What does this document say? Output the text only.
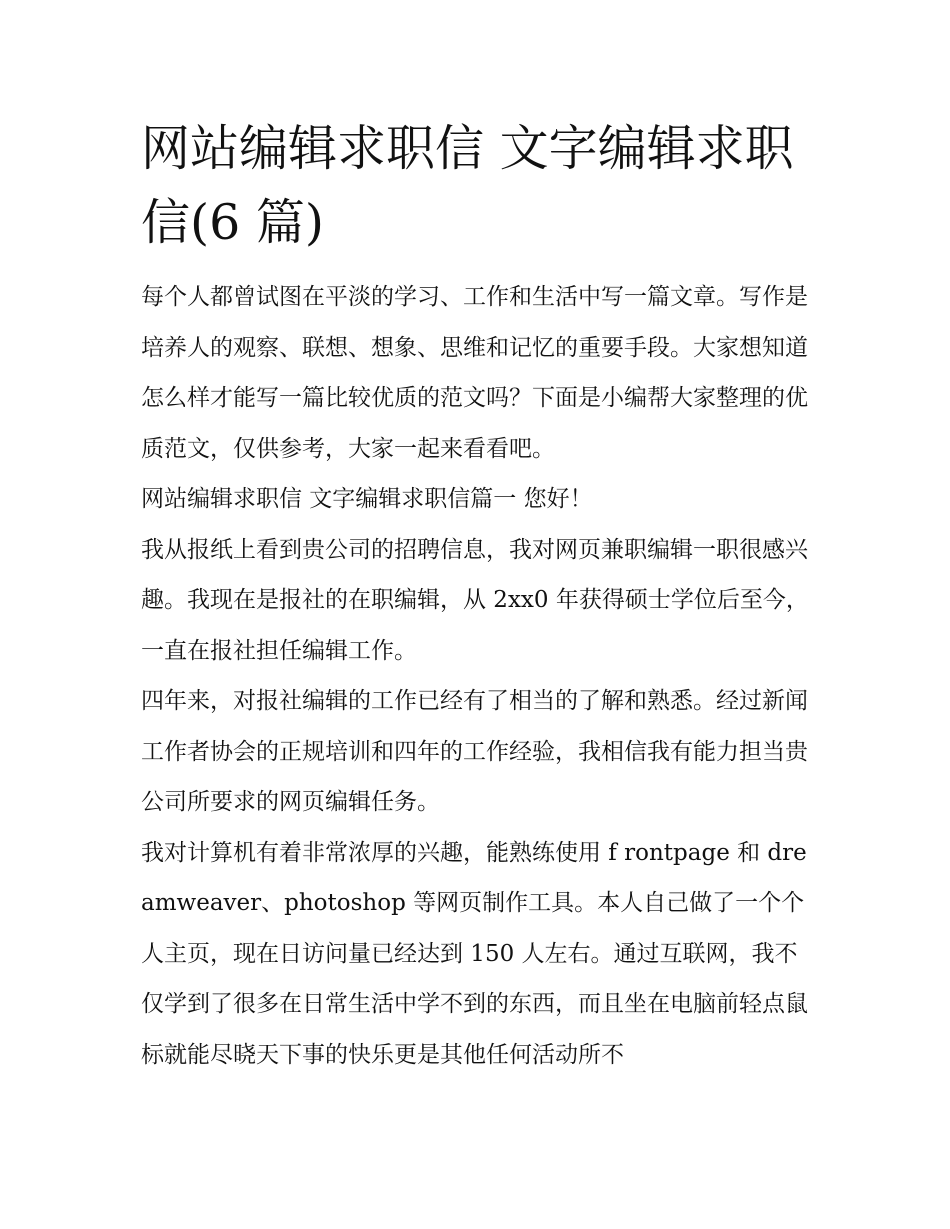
网站编辑求职信 文字编辑求职信(6 篇)

每个人都曾试图在平淡的学习、工作和生活中写一篇文章。写作是培养人的观察、联想、想象、思维和记忆的重要手段。大家想知道怎么样才能写一篇比较优质的范文吗？下面是小编帮大家整理的优质范文，仅供参考，大家一起来看看吧。

网站编辑求职信 文字编辑求职信篇一 您好！

我从报纸上看到贵公司的招聘信息，我对网页兼职编辑一职很感兴趣。我现在是报社的在职编辑，从 2xx0 年获得硕士学位后至今，一直在报社担任编辑工作。

四年来，对报社编辑的工作已经有了相当的了解和熟悉。经过新闻工作者协会的正规培训和四年的工作经验，我相信我有能力担当贵公司所要求的网页编辑任务。

我对计算机有着非常浓厚的兴趣，能熟练使用 f rontpage 和 dreamweaver、photoshop 等网页制作工具。本人自己做了一个个人主页，现在日访问量已经达到 150 人左右。通过互联网，我不仅学到了很多在日常生活中学不到的东西，而且坐在电脑前轻点鼠标就能尽晓天下事的快乐更是其他任何活动所不
